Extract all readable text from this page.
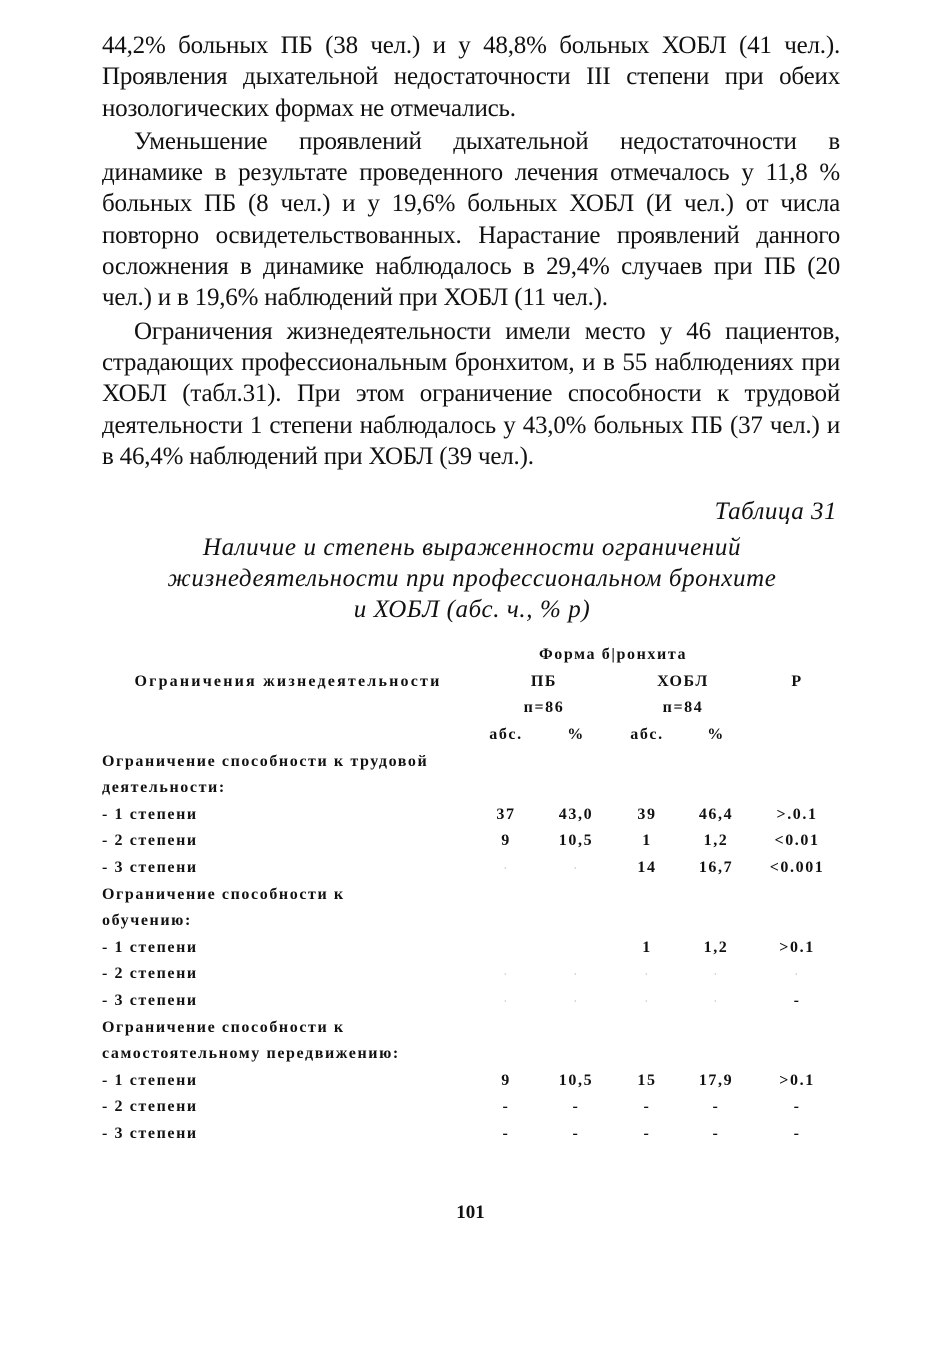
44,2% больных ПБ (38 чел.) и у 48,8% больных ХОБЛ (41 чел.). Проявления дыхательной недостаточности III степени при обеих нозологических формах не отмечались.

Уменьшение проявлений дыхательной недостаточности в динамике в результате проведенного лечения отмечалось у 11,8 % больных ПБ (8 чел.) и у 19,6% больных ХОБЛ (И чел.) от числа повторно освидетельствованных. Нарастание проявлений данного осложнения в динамике наблюдалось в 29,4% случаев при ПБ (20 чел.) и в 19,6% наблюдений при ХОБЛ (11 чел.).

Ограничения жизнедеятельности имели место у 46 пациентов, страдающих профессиональным бронхитом, и в 55 наблюдениях при ХОБЛ (табл.31). При этом ограничение способности к трудовой деятельности 1 степени наблюдалось у 43,0% больных ПБ (37 чел.) и в 46,4% наблюдений при ХОБЛ (39 чел.).

Таблица 31
Наличие и степень выраженности ограничений
жизнедеятельности при профессиональном бронхите
и ХОБЛ (абс. ч., % р)
Ограничения жизнедеятельности	Форма б|ронхита				Р
	ПБ		ХОБЛ		
	п=86		п=84		
	абс.	%	абс.	%	
Ограничение способности к трудовой					
деятельности:					
- 1 степени	37	43,0	39	46,4	>.0.1
- 2 степени	9	10,5	1	1,2	<0.01
- 3 степени	·	·	14	16,7	<0.001
Ограничение способности к					
обучению:					
- 1 степени			1	1,2	>0.1
- 2 степени	·	·	·	·	·
- 3 степени	·	·	·	·	-
Ограничение способности к					
самостоятельному передвижению:					
- 1 степени	9	10,5	15	17,9	>0.1
- 2 степени	-	-	-	-	-
- 3 степени	-	-	-	-	-
101
